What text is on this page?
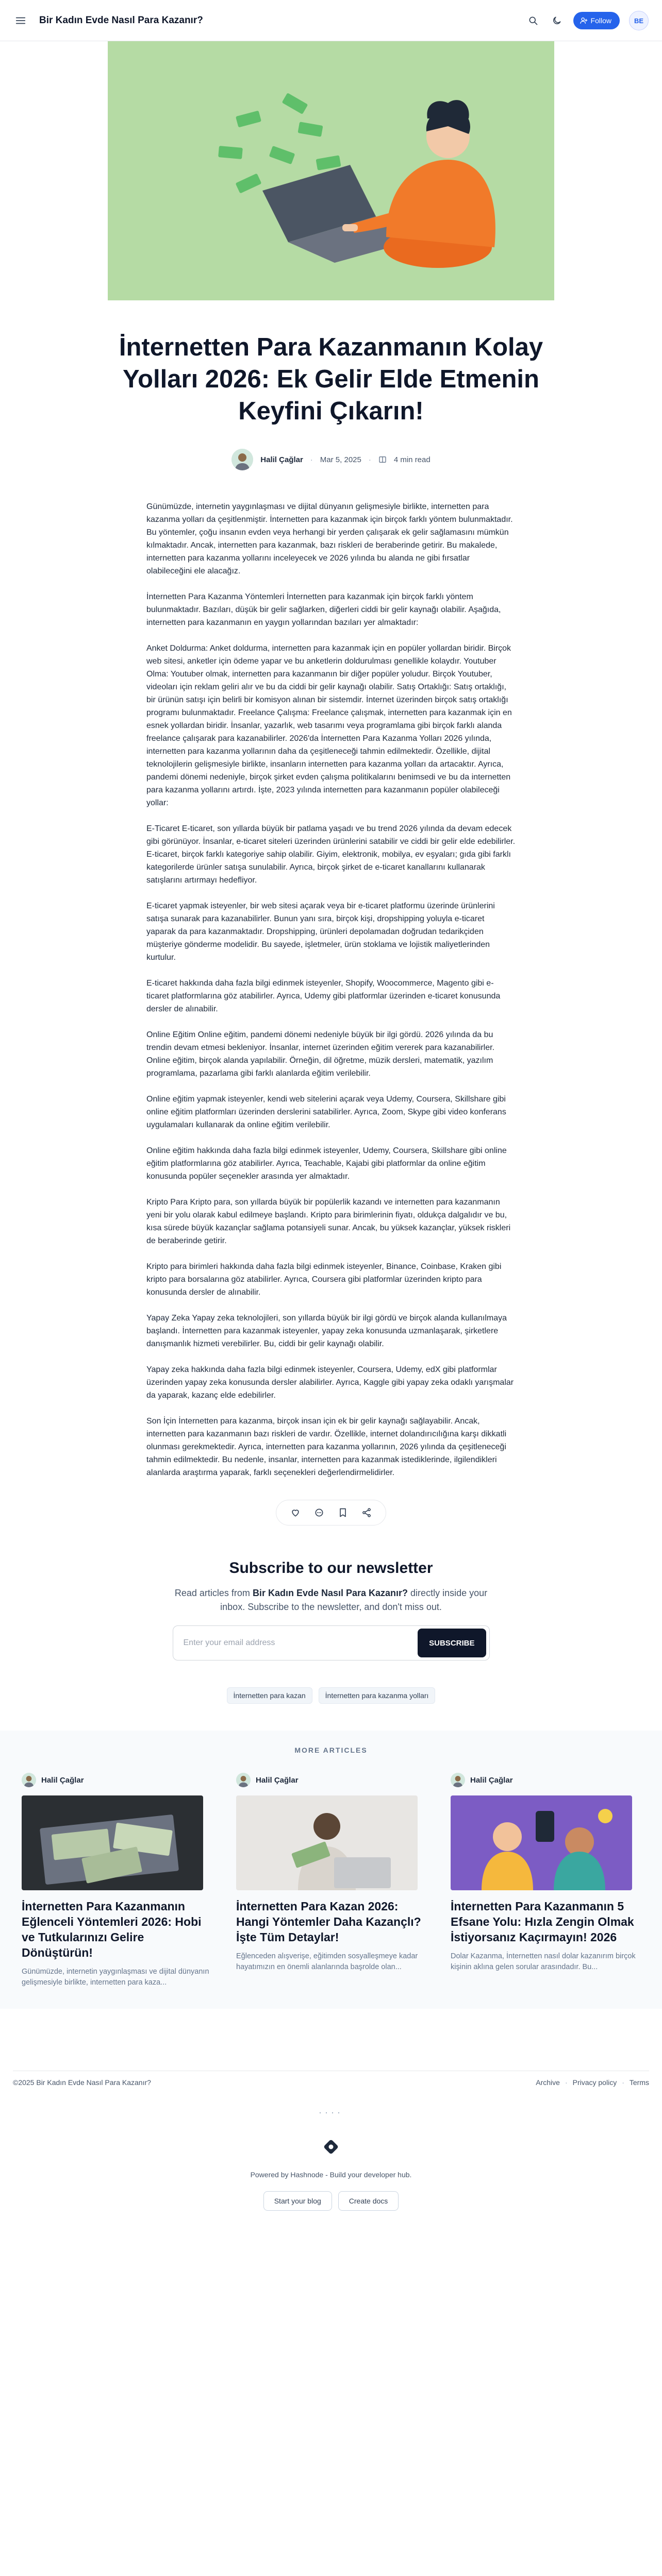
Bir Kadın Evde Nasıl Para Kazanır?	Follow	BE
İnternetten Para Kazanmanın Kolay Yolları 2026: Ek Gelir Elde Etmenin Keyfini Çıkarın!
Halil Çağlar · Mar 5, 2025 ·	4 min read

Günümüzde, internetin yaygınlaşması ve dijital dünyanın gelişmesiyle birlikte, internetten para kazanma yolları da çeşitlenmiştir. İnternetten para kazanmak için birçok farklı yöntem bulunmaktadır. Bu yöntemler, çoğu insanın evden veya herhangi bir yerden çalışarak ek gelir sağlamasını mümkün kılmaktadır. Ancak, internetten para kazanmak, bazı riskleri de beraberinde getirir. Bu makalede, internetten para kazanma yollarını inceleyecek ve 2026 yılında bu alanda ne gibi fırsatlar olabileceğini ele alacağız.

İnternetten Para Kazanma Yöntemleri İnternetten para kazanmak için birçok farklı yöntem bulunmaktadır. Bazıları, düşük bir gelir sağlarken, diğerleri ciddi bir gelir kaynağı olabilir. Aşağıda, internetten para kazanmanın en yaygın yollarından bazıları yer almaktadır:

Anket Doldurma: Anket doldurma, internetten para kazanmak için en popüler yollardan biridir. Birçok web sitesi, anketler için ödeme yapar ve bu anketlerin doldurulması genellikle kolaydır. Youtuber Olma: Youtuber olmak, internetten para kazanmanın bir diğer popüler yoludur. Birçok Youtuber, videoları için reklam geliri alır ve bu da ciddi bir gelir kaynağı olabilir. Satış Ortaklığı: Satış ortaklığı, bir ürünün satışı için belirli bir komisyon alınan bir sistemdir. İnternet üzerinden birçok satış ortaklığı programı bulunmaktadır. Freelance Çalışma: Freelance çalışmak, internetten para kazanmak için en esnek yollardan biridir. İnsanlar, yazarlık, web tasarımı veya programlama gibi birçok farklı alanda freelance çalışarak para kazanabilirler. 2026'da İnternetten Para Kazanma Yolları 2026 yılında, internetten para kazanma yollarının daha da çeşitleneceği tahmin edilmektedir. Özellikle, dijital teknolojilerin gelişmesiyle birlikte, insanların internetten para kazanma yolları da artacaktır. Ayrıca, pandemi dönemi nedeniyle, birçok şirket evden çalışma politikalarını benimsedi ve bu da internetten para kazanma yollarını artırdı. İşte, 2023 yılında internetten para kazanmanın popüler olabileceği yollar:

E-Ticaret E-ticaret, son yıllarda büyük bir patlama yaşadı ve bu trend 2026 yılında da devam edecek gibi görünüyor. İnsanlar, e-ticaret siteleri üzerinden ürünlerini satabilir ve ciddi bir gelir elde edebilirler. E-ticaret, birçok farklı kategoriye sahip olabilir. Giyim, elektronik, mobilya, ev eşyaları; gıda gibi farklı kategorilerde ürünler satışa sunulabilir. Ayrıca, birçok şirket de e-ticaret kanallarını kullanarak satışlarını artırmayı hedefliyor.

E-ticaret yapmak isteyenler, bir web sitesi açarak veya bir e-ticaret platformu üzerinde ürünlerini satışa sunarak para kazanabilirler. Bunun yanı sıra, birçok kişi, dropshipping yoluyla e-ticaret yaparak da para kazanmaktadır. Dropshipping, ürünleri depolamadan doğrudan tedarikçiden müşteriye gönderme modelidir. Bu sayede, işletmeler, ürün stoklama ve lojistik maliyetlerinden kurtulur.

E-ticaret hakkında daha fazla bilgi edinmek isteyenler, Shopify, Woocommerce, Magento gibi e-ticaret platformlarına göz atabilirler. Ayrıca, Udemy gibi platformlar üzerinden e-ticaret konusunda dersler de alınabilir.

Online Eğitim Online eğitim, pandemi dönemi nedeniyle büyük bir ilgi gördü. 2026 yılında da bu trendin devam etmesi bekleniyor. İnsanlar, internet üzerinden eğitim vererek para kazanabilirler. Online eğitim, birçok alanda yapılabilir. Örneğin, dil öğretme, müzik dersleri, matematik, yazılım programlama, pazarlama gibi farklı alanlarda eğitim verilebilir.

Online eğitim yapmak isteyenler, kendi web sitelerini açarak veya Udemy, Coursera, Skillshare gibi online eğitim platformları üzerinden derslerini satabilirler. Ayrıca, Zoom, Skype gibi video konferans uygulamaları kullanarak da online eğitim verilebilir.

Online eğitim hakkında daha fazla bilgi edinmek isteyenler, Udemy, Coursera, Skillshare gibi online eğitim platformlarına göz atabilirler. Ayrıca, Teachable, Kajabi gibi platformlar da online eğitim konusunda popüler seçenekler arasında yer almaktadır.

Kripto Para Kripto para, son yıllarda büyük bir popülerlik kazandı ve internetten para kazanmanın yeni bir yolu olarak kabul edilmeye başlandı. Kripto para birimlerinin fiyatı, oldukça dalgalıdır ve bu, kısa sürede büyük kazançlar sağlama potansiyeli sunar. Ancak, bu yüksek kazançlar, yüksek riskleri de beraberinde getirir.

Kripto para birimleri hakkında daha fazla bilgi edinmek isteyenler, Binance, Coinbase, Kraken gibi kripto para borsalarına göz atabilirler. Ayrıca, Coursera gibi platformlar üzerinden kripto para konusunda dersler de alınabilir.

Yapay Zeka Yapay zeka teknolojileri, son yıllarda büyük bir ilgi gördü ve birçok alanda kullanılmaya başlandı. İnternetten para kazanmak isteyenler, yapay zeka konusunda uzmanlaşarak, şirketlere danışmanlık hizmeti verebilirler. Bu, ciddi bir gelir kaynağı olabilir.

Yapay zeka hakkında daha fazla bilgi edinmek isteyenler, Coursera, Udemy, edX gibi platformlar üzerinden yapay zeka konusunda dersler alabilirler. Ayrıca, Kaggle gibi yapay zeka odaklı yarışmalar da yaparak, kazanç elde edebilirler.

Son İçin İnternetten para kazanma, birçok insan için ek bir gelir kaynağı sağlayabilir. Ancak, internetten para kazanmanın bazı riskleri de vardır. Özellikle, internet dolandırıcılığına karşı dikkatli olunması gerekmektedir. Ayrıca, internetten para kazanma yollarının, 2026 yılında da çeşitleneceği tahmin edilmektedir. Bu nedenle, insanlar, internetten para kazanmak istediklerinde, ilgilendikleri alanlarda araştırma yaparak, farklı seçenekleri değerlendirmelidirler.

Subscribe to our newsletter

Read articles from Bir Kadın Evde Nasıl Para Kazanır? directly inside your inbox. Subscribe to the newsletter, and don't miss out.

Enter your email address
SUBSCRIBE
İnternetten para kazan	İnternetten para kazanma yolları
MORE ARTICLES
Halil Çağlar
İnternetten Para Kazanmanın Eğlenceli Yöntemleri 2026: Hobi ve Tutkularınızı Gelire Dönüştürün!

Günümüzde, internetin yaygınlaşması ve dijital dünyanın gelişmesiyle birlikte, internetten para kazа...

Halil Çağlar
İnternetten Para Kazan 2026: Hangi Yöntemler Daha Kazançlı? İşte Tüm Detaylar!

Eğlenceden alışverişe, eğitimden sosyalleşmeye kadar hayatımızın en önemli alanlarında başrolde olan...

Halil Çağlar
İnternetten Para Kazanmanın 5 Efsane Yolu: Hızla Zengin Olmak İstiyorsanız Kaçırmayın! 2026

Dolar Kazanma, İnternetten nasıl dolar kazanırım birçok kişinin aklına gelen sorular arasındadır. Bu...

©2025 Bir Kadın Evde Nasıl Para Kazanır?	Archive · Privacy policy · Terms
····
Powered by Hashnode - Build your developer hub.
Start your blog	Create docs
